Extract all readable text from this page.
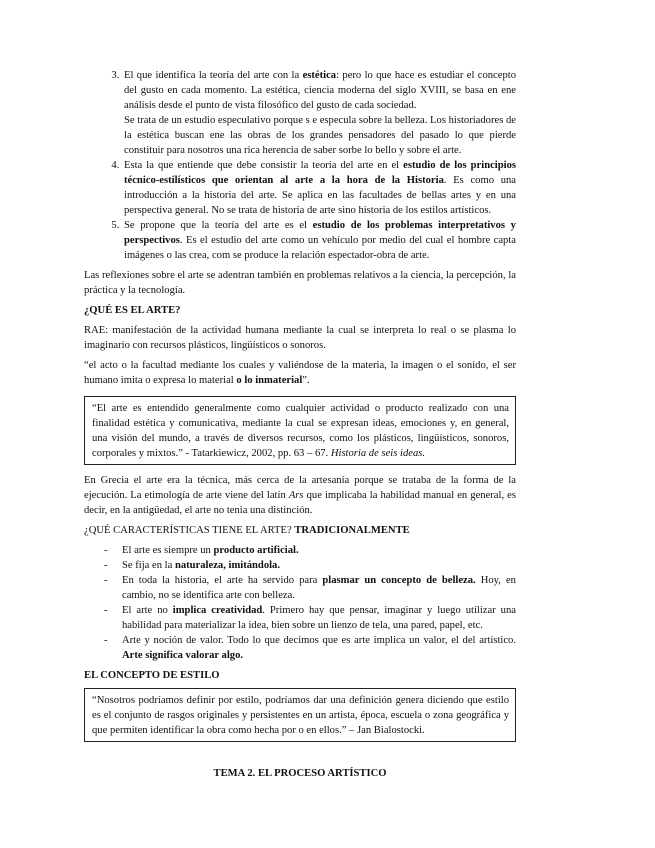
3. El que identifica la teoría del arte con la estética: pero lo que hace es estudiar el concepto del gusto en cada momento. La estética, ciencia moderna del siglo XVIII, se basa en ene análisis desde el punto de vista filosófico del gusto de cada sociedad.

Se trata de un estudio especulativo porque s e especula sobre la belleza. Los historiadores de la estética buscan ene las obras de los grandes pensadores del pasado lo que pierde constituir para nosotros una rica herencia de saber sorbe lo bello y sobre el arte.

4. Esta la que entiende que debe consistir la teoría del arte en el estudio de los principios técnico-estilísticos que orientan al arte a la hora de la Historia. Es como una introducción a la historia del arte. Se aplica en las facultades de bellas artes y en una perspectiva general. No se trata de historia de arte sino historia de los estilos artísticos.

5. Se propone que la teoría del arte es el estudio de los problemas interpretativos y perspectivos. Es el estudio del arte como un vehículo por medio del cual el hombre capta imágenes o las crea, com se produce la relación espectador-obra de arte.

Las reflexiones sobre el arte se adentran también en problemas relativos a la ciencia, la percepción, la práctica y la tecnología.

¿QUÉ ES EL ARTE?

RAE: manifestación de la actividad humana mediante la cual se interpreta lo real o se plasma lo imaginario con recursos plásticos, lingüísticos o sonoros.

“el acto o la facultad mediante los cuales y valiéndose de la materia, la imagen o el sonido, el ser humano imita o expresa lo material o lo inmaterial”.

“El arte es entendido generalmente como cualquier actividad o producto realizado con una finalidad estética y comunicativa, mediante la cual se expresan ideas, emociones y, en general, una visión del mundo, a través de diversos recursos, como los plásticos, lingüísticos, sonoros, corporales y mixtos.” - Tatarkiewicz, 2002, pp. 63 – 67. Historia de seis ideas.

En Grecia el arte era la técnica, más cerca de la artesanía porque se trataba de la forma de la ejecución. La etimología de arte viene del latín Ars que implicaba la habilidad manual en general, es decir, en la antigüedad, el arte no tenia una distinción.

¿QUÉ CARACTERÍSTICAS TIENE EL ARTE? TRADICIONALMENTE

- El arte es siempre un producto artificial.
- Se fija en la naturaleza, imitándola.
- En toda la historia, el arte ha servido para plasmar un concepto de belleza. Hoy, en cambio, no se identifica arte con belleza.
- El arte no implica creatividad. Primero hay que pensar, imaginar y luego utilizar una habilidad para materializar la idea, bien sobre un lienzo de tela, una pared, papel, etc.
- Arte y noción de valor. Todo lo que decimos que es arte implica un valor, el del artístico. Arte significa valorar algo.
EL CONCEPTO DE ESTILO
“Nosotros podríamos definir por estilo, podríamos dar una definición genera diciendo que estilo es el conjunto de rasgos originales y persistentes en un artista, época, escuela o zona geográfica y que permiten identificar la obra como hecha por o en ellos.” – Jan Bialostocki.

TEMA 2. EL PROCESO ARTÍSTICO
